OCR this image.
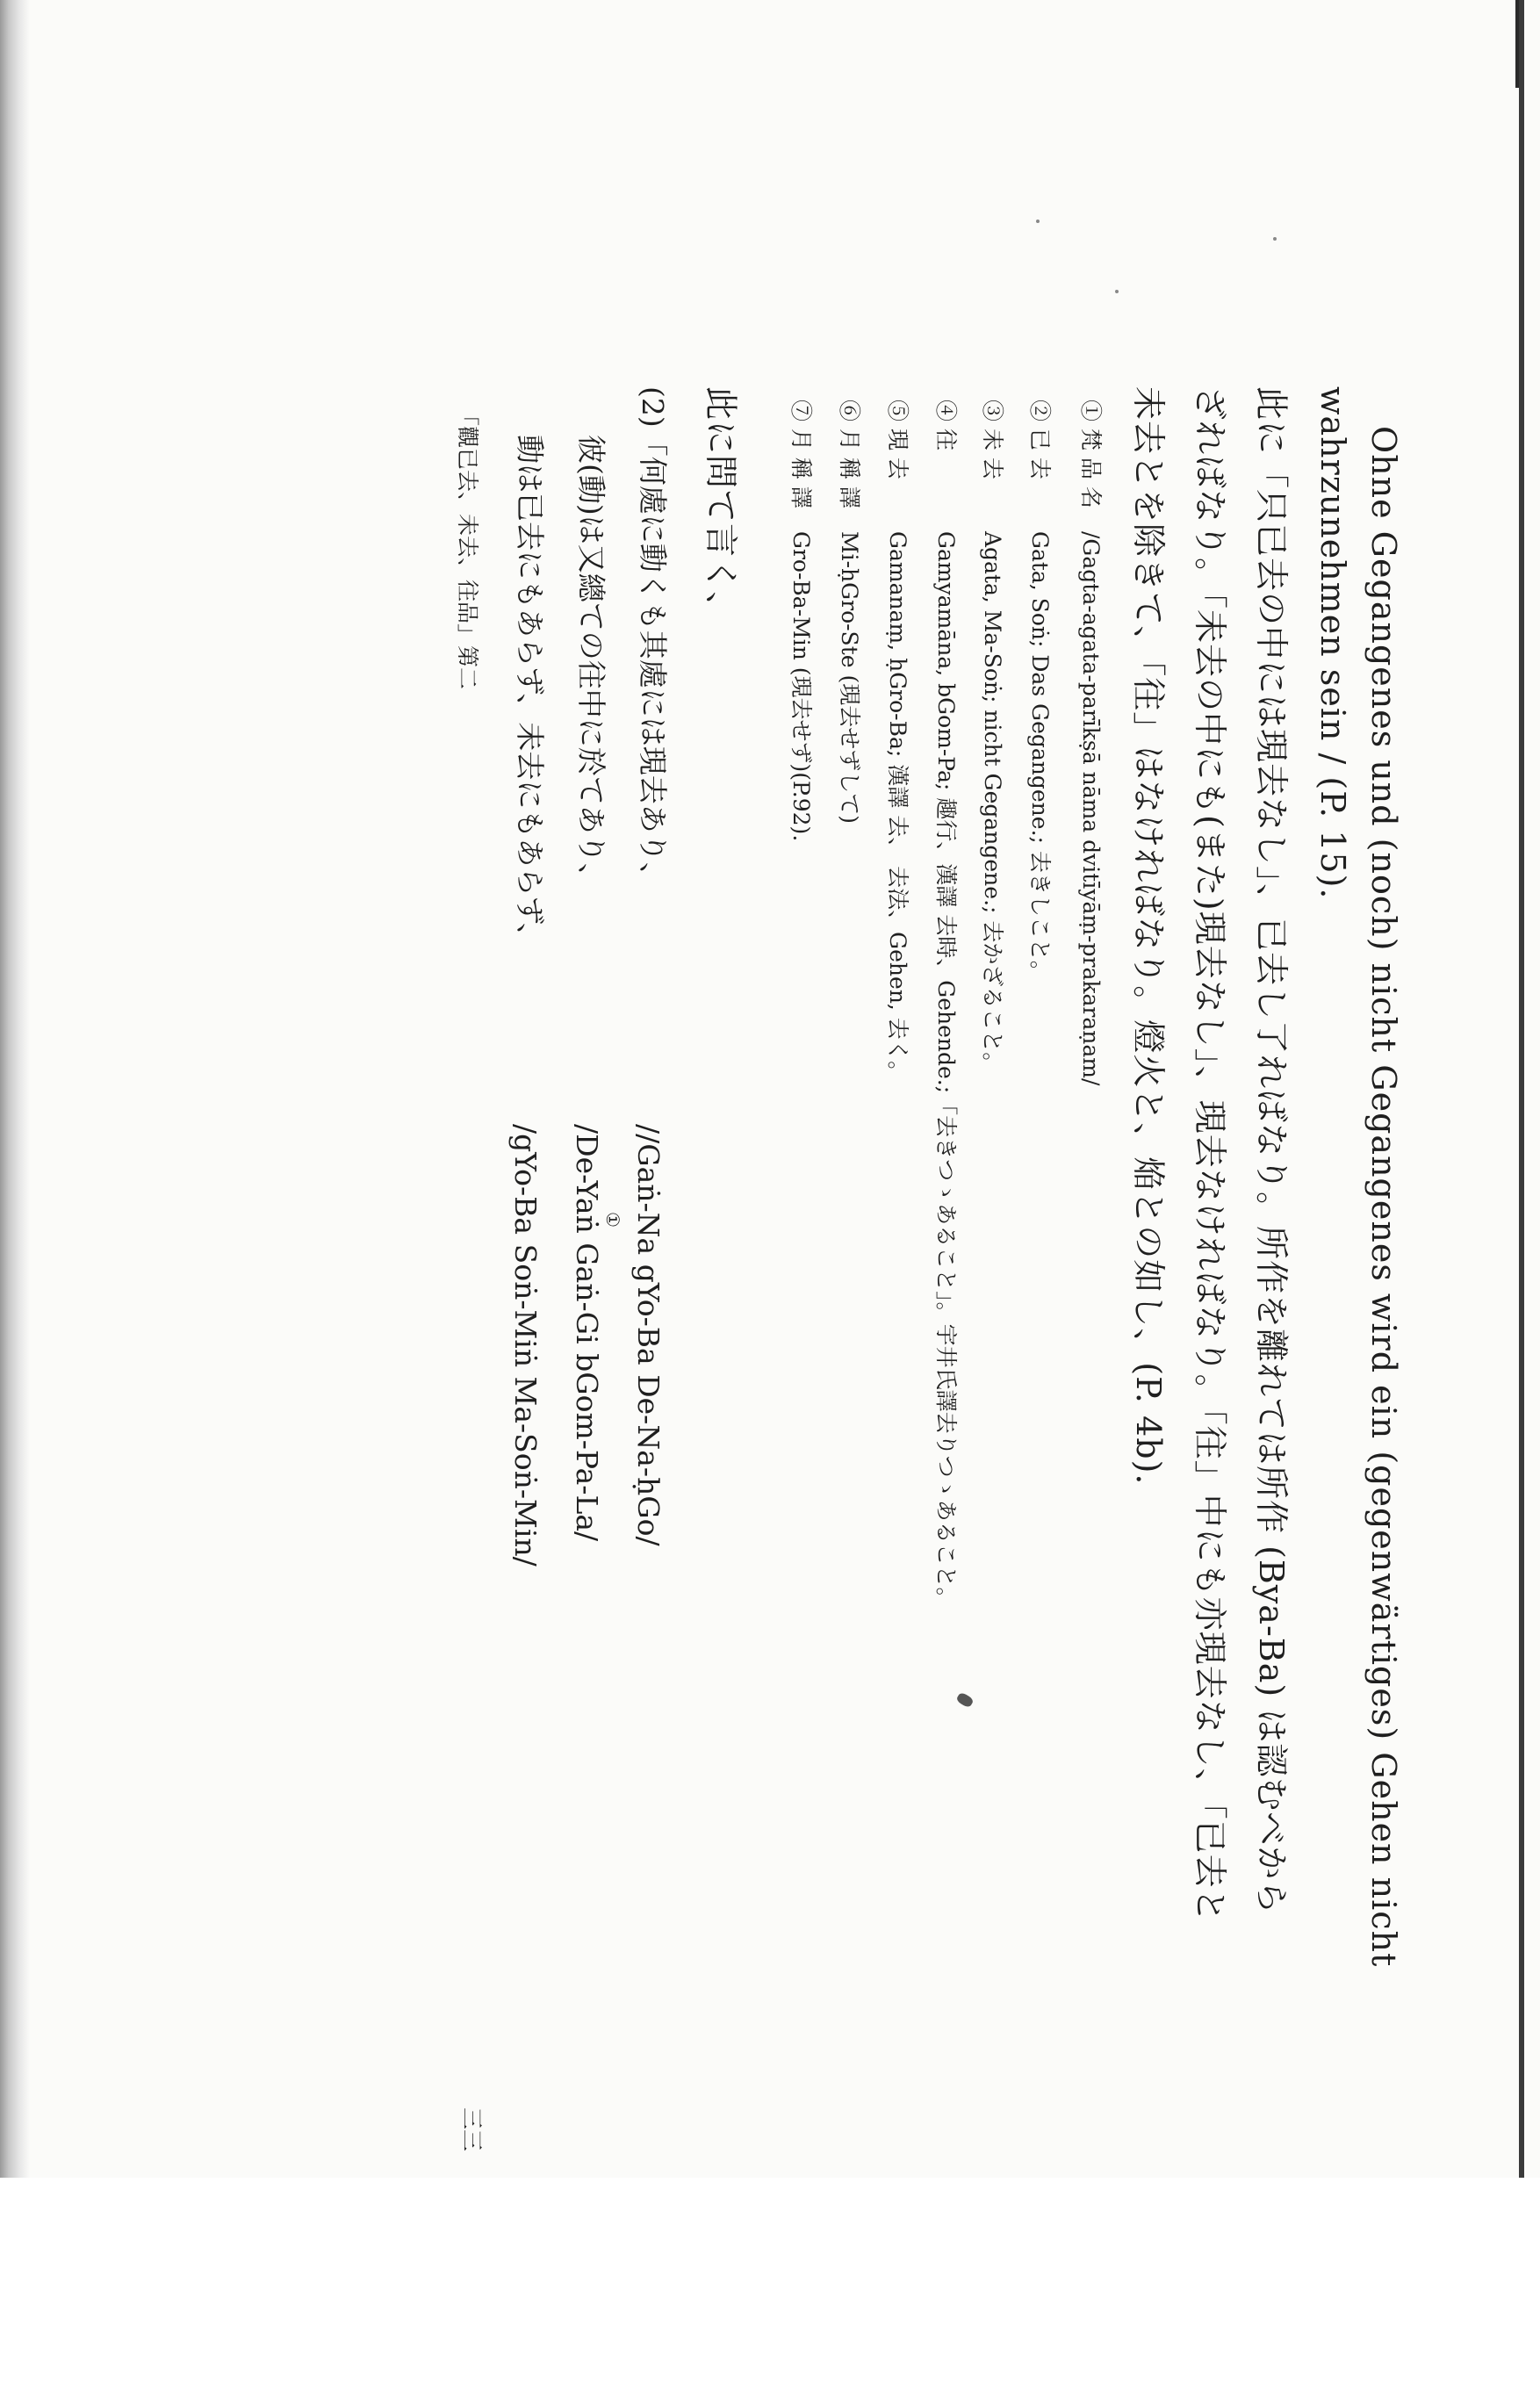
Ohne Gegangenes und (noch) nicht Gegangenes wird ein (gegenwärtiges) Gehen nicht
wahrzunehmen sein / (P. 15).
此に「只已去の中には現去なし」、已去し了ればなり。所作を離れては所作 (Bya-Ba) は認むべから
ざればなり。「未去の中にも(また)現去なし」、現去なければなり。「往」中にも亦現去なし、「已去と
未去とを除きて、「往」はなければなり。燈火と、焔との如し、(P. 4b).
① 梵 品 名/Gagta-agata-parīkṣā nāma dvitīyāṃ-prakaraṇam/
② 已 去Gata, Soṅ; Das Gegangene.; 去きしこと。
③ 未 去Agata, Ma-Soṅ; nicht Gegangene.; 去かざること。
④ 往Gamyamāna, bGom-Pa; 趣行、漢譯 去時、Gehende.;「去きつゝあること」。宇井氏譯去りつゝあること。
⑤ 現 去Gamanaṃ, ḥGro-Ba; 漢譯 去、 去法、Gehen, 去く。
⑥ 月 稱 譯Mi-ḥGro-Ste (現去せずして)
⑦ 月 稱 譯Gro-Ba-Min (現去せず)(P.92).
此に問て言く、
(2)「何處に動くも其處には現去あり、
//Gaṅ-Na gYo-Ba De-Na-ḥGo/
彼(動)は又總ての往中に於てあり、
/De-Yaṅ Gaṅ-Gi bGom-Pa-La/
①
動は已去にもあらず、未去にもあらず、
/gYo-Ba Soṅ-Miṅ Ma-Soṅ-Min/
「觀已去、未去、往品」第二
三三
